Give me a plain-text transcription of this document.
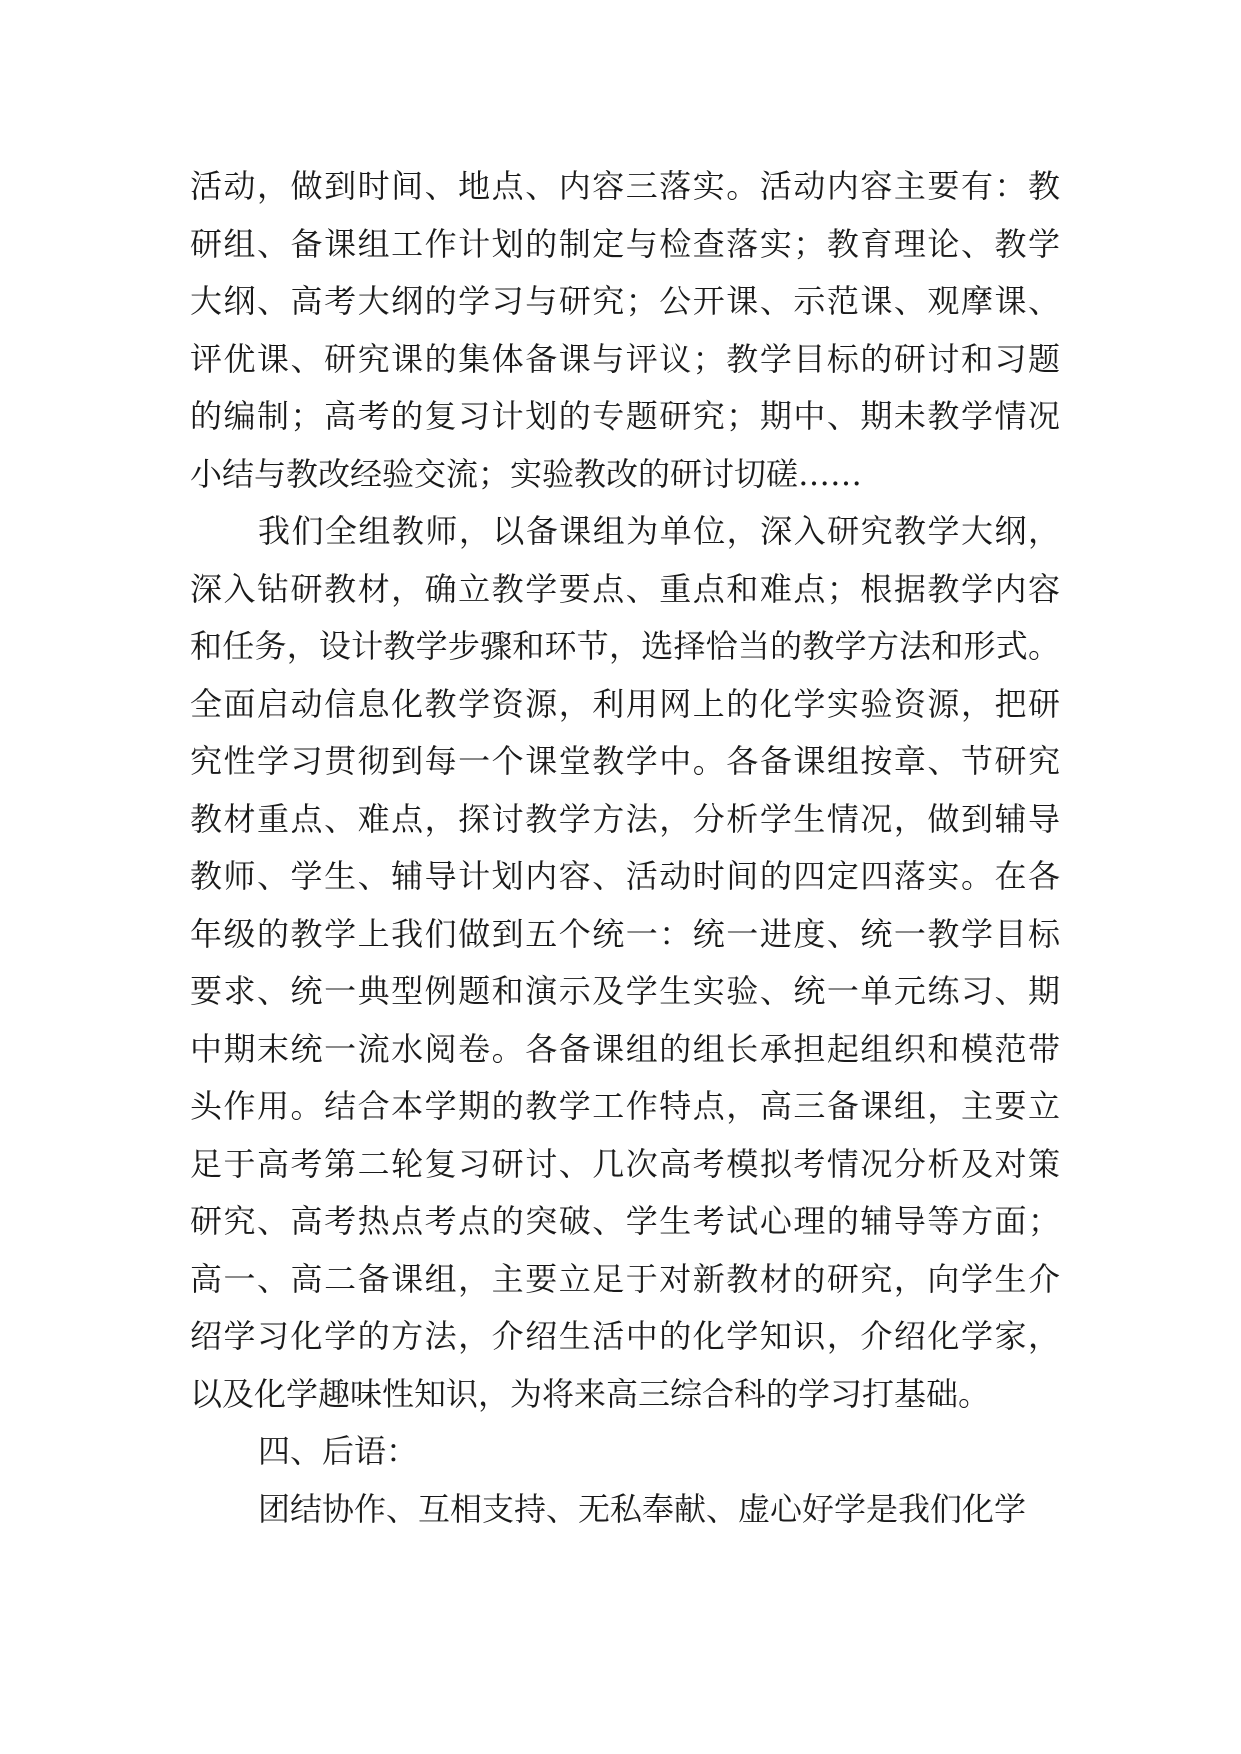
活动，做到时间、地点、内容三落实。活动内容主要有：教
研组、备课组工作计划的制定与检查落实；教育理论、教学
大纲、高考大纲的学习与研究；公开课、示范课、观摩课、
评优课、研究课的集体备课与评议；教学目标的研讨和习题
的编制；高考的复习计划的专题研究；期中、期未教学情况
小结与教改经验交流；实验教改的研讨切磋……
我们全组教师，以备课组为单位，深入研究教学大纲，
深入钻研教材，确立教学要点、重点和难点；根据教学内容
和任务，设计教学步骤和环节，选择恰当的教学方法和形式。
全面启动信息化教学资源，利用网上的化学实验资源，把研
究性学习贯彻到每一个课堂教学中。各备课组按章、节研究
教材重点、难点，探讨教学方法，分析学生情况，做到辅导
教师、学生、辅导计划内容、活动时间的四定四落实。在各
年级的教学上我们做到五个统一：统一进度、统一教学目标
要求、统一典型例题和演示及学生实验、统一单元练习、期
中期末统一流水阅卷。各备课组的组长承担起组织和模范带
头作用。结合本学期的教学工作特点，高三备课组，主要立
足于高考第二轮复习研讨、几次高考模拟考情况分析及对策
研究、高考热点考点的突破、学生考试心理的辅导等方面；
高一、高二备课组，主要立足于对新教材的研究，向学生介
绍学习化学的方法，介绍生活中的化学知识，介绍化学家，
以及化学趣味性知识，为将来高三综合科的学习打基础。
四、后语：
团结协作、互相支持、无私奉献、虚心好学是我们化学
